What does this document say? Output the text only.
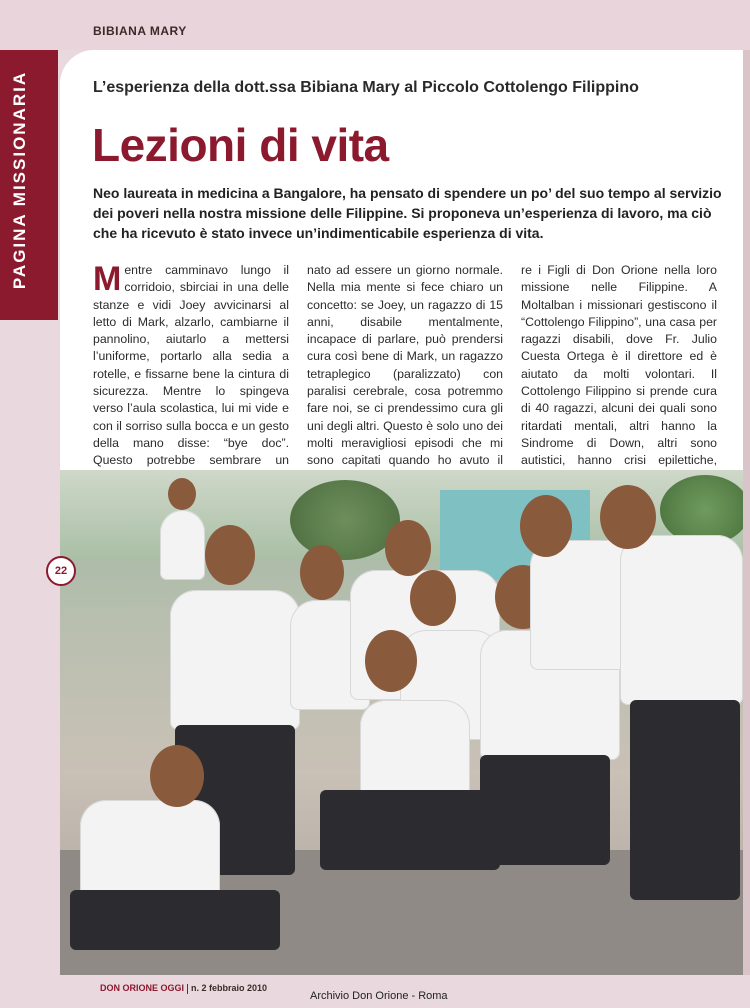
BIBIANA MARY
PAGINA MISSIONARIA	L’esperienza della dott.ssa Bibiana Mary al Piccolo Cottolengo Filippino
Lezioni di vita
Neo laureata in medicina a Bangalore, ha pensato di spendere un po’ del suo tempo al servizio dei poveri nella nostra missione delle Filippine. Si proponeva un’esperienza di lavoro, ma ciò che ha ricevuto è stato invece un’indimenticabile esperienza di vita.
Mentre camminavo lungo il corridoio, sbirciai in una delle stanze e vidi Joey avvicinarsi al letto di Mark, alzarlo, cambiarne il pannolino, aiutarlo a mettersi l’uniforme, portarlo alla sedia a rotelle, e fissarne bene la cintura di sicurezza. Mentre lo spingeva verso l’aula scolastica, lui mi vide e con il sorriso sulla bocca e un gesto della mano disse: “bye doc”. Questo potrebbe sembrare un
nato ad essere un giorno normale. Nella mia mente si fece chiaro un concetto: se Joey, un ragazzo di 15 anni, disabile mentalmente, incapace di parlare, può prendersi cura così bene di Mark, un ragazzo tetraplegico (paralizzato) con paralisi cerebrale, cosa potremmo fare noi, se ci prendessimo cura gli uni degli altri. Questo è solo uno dei molti meravigliosi episodi che mi sono capitati quando ho avuto il
re i Figli di Don Orione nella loro missione nelle Filippine. A Moltalban i missionari gestiscono il “Cottolengo Filippino”, una casa per ragazzi disabili, dove Fr. Julio Cuesta Ortega è il direttore ed è aiutato da molti volontari. Il Cottolengo Filippino si prende cura di 40 ragazzi, alcuni dei quali sono ritardati mentali, altri hanno la Sindrome di Down, altri sono autistici, hanno crisi epilettiche,
22
DON ORIONE OGGI n. 2 febbraio 2010
Archivio Don Orione - Roma
